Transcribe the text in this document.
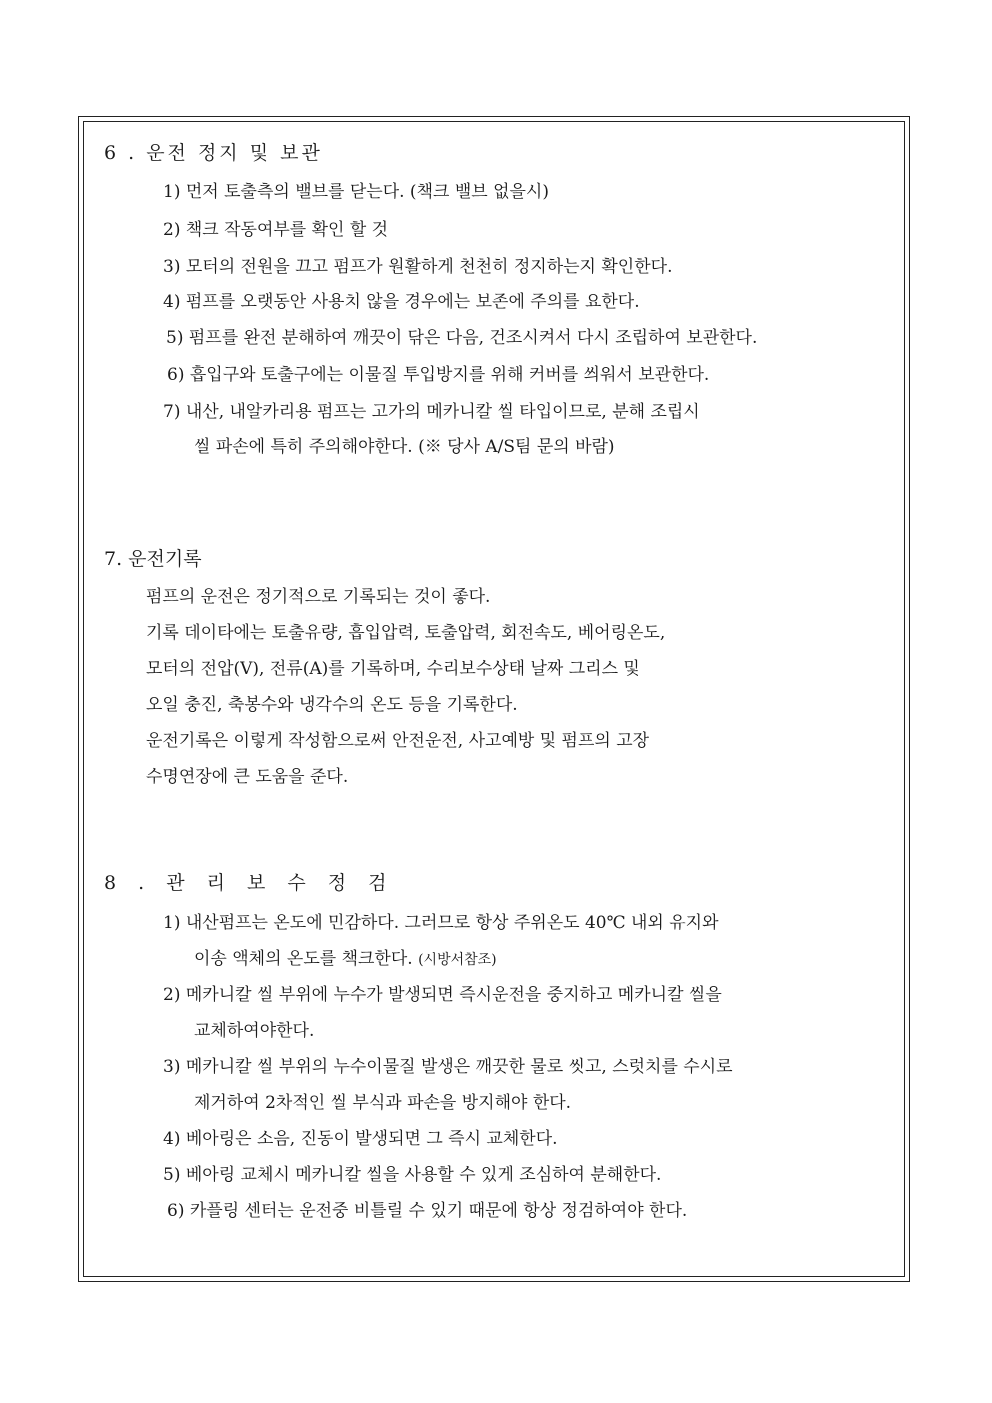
6 . 운전 정지 및 보관
1) 먼저 토출측의 밸브를 닫는다. (책크 밸브 없을시)
2) 책크 작동여부를 확인 할 것
3) 모터의 전원을 끄고 펌프가 원활하게 천천히 정지하는지 확인한다.
4) 펌프를 오랫동안 사용치 않을 경우에는 보존에 주의를 요한다.
5) 펌프를 완전 분해하여 깨끗이 닦은 다음, 건조시켜서 다시 조립하여 보관한다.
6) 흡입구와 토출구에는 이물질 투입방지를 위해 커버를 씌워서 보관한다.
7) 내산, 내알카리용 펌프는 고가의 메카니칼 씰 타입이므로, 분해 조립시
씰 파손에 특히 주의해야한다. (※ 당사 A/S팀 문의 바람)
7. 운전기록
펌프의 운전은 정기적으로 기록되는 것이 좋다.
기록 데이타에는 토출유량, 흡입압력, 토출압력, 회전속도, 베어링온도,
모터의 전압(V), 전류(A)를 기록하며, 수리보수상태 날짜 그리스 및
오일 충진, 축봉수와 냉각수의 온도 등을 기록한다.
운전기록은 이렇게 작성함으로써 안전운전, 사고예방 및 펌프의 고장
수명연장에 큰 도움을 준다.
8 . 관 리 보 수 정 검
1) 내산펌프는 온도에 민감하다. 그러므로 항상 주위온도 40℃ 내외 유지와
이송 액체의 온도를 책크한다. (시방서참조)
2) 메카니칼 씰 부위에 누수가 발생되면 즉시운전을 중지하고 메카니칼 씰을
교체하여야한다.
3) 메카니칼 씰 부위의 누수이물질 발생은 깨끗한 물로 씻고, 스럿치를 수시로
제거하여 2차적인 씰 부식과 파손을 방지해야 한다.
4) 베아링은 소음, 진동이 발생되면 그 즉시 교체한다.
5) 베아링 교체시 메카니칼 씰을 사용할 수 있게 조심하여 분해한다.
6) 카플링 센터는 운전중 비틀릴 수 있기 때문에 항상 정검하여야 한다.
